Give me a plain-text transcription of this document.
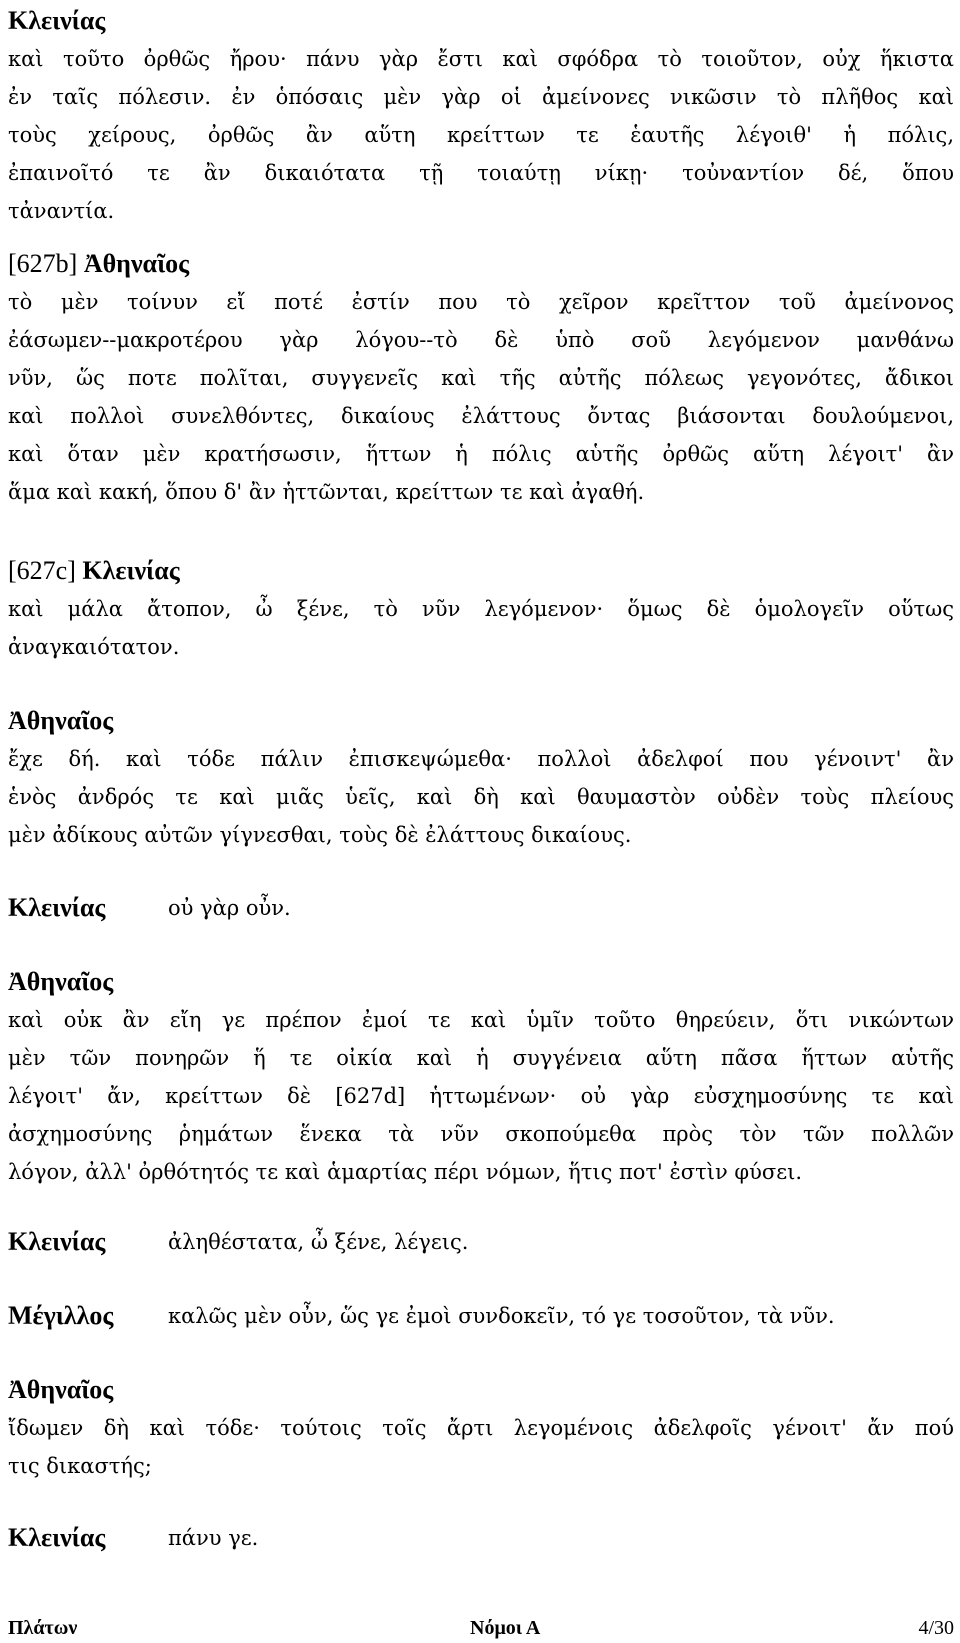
Κλεινίας
καὶ τοῦτο ὀρθῶς ἤρου· πάνυ γὰρ ἔστι καὶ σφόδρα τὸ τοιοῦτον, οὐχ ἥκιστα
ἐν ταῖς πόλεσιν. ἐν ὁπόσαις μὲν γὰρ οἱ ἀμείνονες νικῶσιν τὸ πλῆθος καὶ
τοὺς χείρους, ὀρθῶς ἂν αὕτη κρείττων τε ἑαυτῆς λέγοιθ' ἡ πόλις,
ἐπαινοῖτό τε ἂν δικαιότατα τῇ τοιαύτῃ νίκῃ· τοὐναντίον δέ, ὅπου
τἀναντία.
[627b] Ἀθηναῖος
τὸ μὲν τοίνυν εἴ ποτέ ἐστίν που τὸ χεῖρον κρεῖττον τοῦ ἀμείνονος
ἐάσωμεν--μακροτέρου γὰρ λόγου--τὸ δὲ ὑπὸ σοῦ λεγόμενον μανθάνω
νῦν, ὥς ποτε πολῖται, συγγενεῖς καὶ τῆς αὐτῆς πόλεως γεγονότες, ἄδικοι
καὶ πολλοὶ συνελθόντες, δικαίους ἐλάττους ὄντας βιάσονται δουλούμενοι,
καὶ ὅταν μὲν κρατήσωσιν, ἥττων ἡ πόλις αὑτῆς ὀρθῶς αὕτη λέγοιτ' ἂν
ἅμα καὶ κακή, ὅπου δ' ἂν ἡττῶνται, κρείττων τε καὶ ἀγαθή.
[627c] Κλεινίας
καὶ μάλα ἄτοπον, ὦ ξένε, τὸ νῦν λεγόμενον· ὅμως δὲ ὁμολογεῖν οὕτως
ἀναγκαιότατον.
Ἀθηναῖος
ἔχε δή. καὶ τόδε πάλιν ἐπισκεψώμεθα· πολλοὶ ἀδελφοί που γένοιντ' ἂν
ἑνὸς ἀνδρός τε καὶ μιᾶς ὑεῖς, καὶ δὴ καὶ θαυμαστὸν οὐδὲν τοὺς πλείους
μὲν ἀδίκους αὐτῶν γίγνεσθαι, τοὺς δὲ ἐλάττους δικαίους.
Κλεινίας	οὐ γὰρ οὖν.
Ἀθηναῖος
καὶ οὐκ ἂν εἴη γε πρέπον ἐμοί τε καὶ ὑμῖν τοῦτο θηρεύειν, ὅτι νικώντων
μὲν τῶν πονηρῶν ἥ τε οἰκία καὶ ἡ συγγένεια αὕτη πᾶσα ἥττων αὑτῆς
λέγοιτ' ἄν, κρείττων δὲ [627d] ἡττωμένων· οὐ γὰρ εὐσχημοσύνης τε καὶ
ἀσχημοσύνης ῥημάτων ἕνεκα τὰ νῦν σκοπούμεθα πρὸς τὸν τῶν πολλῶν
λόγον, ἀλλ' ὀρθότητός τε καὶ ἁμαρτίας πέρι νόμων, ἥτις ποτ' ἐστὶν φύσει.
Κλεινίας	ἀληθέστατα, ὦ ξένε, λέγεις.
Μέγιλλος	καλῶς μὲν οὖν, ὥς γε ἐμοὶ συνδοκεῖν, τό γε τοσοῦτον, τὰ νῦν.
Ἀθηναῖος
ἴδωμεν δὴ καὶ τόδε· τούτοις τοῖς ἄρτι λεγομένοις ἀδελφοῖς γένοιτ' ἄν πού
τις δικαστής;
Κλεινίας	πάνυ γε.
Πλάτων	Νόμοι Α	4/30
